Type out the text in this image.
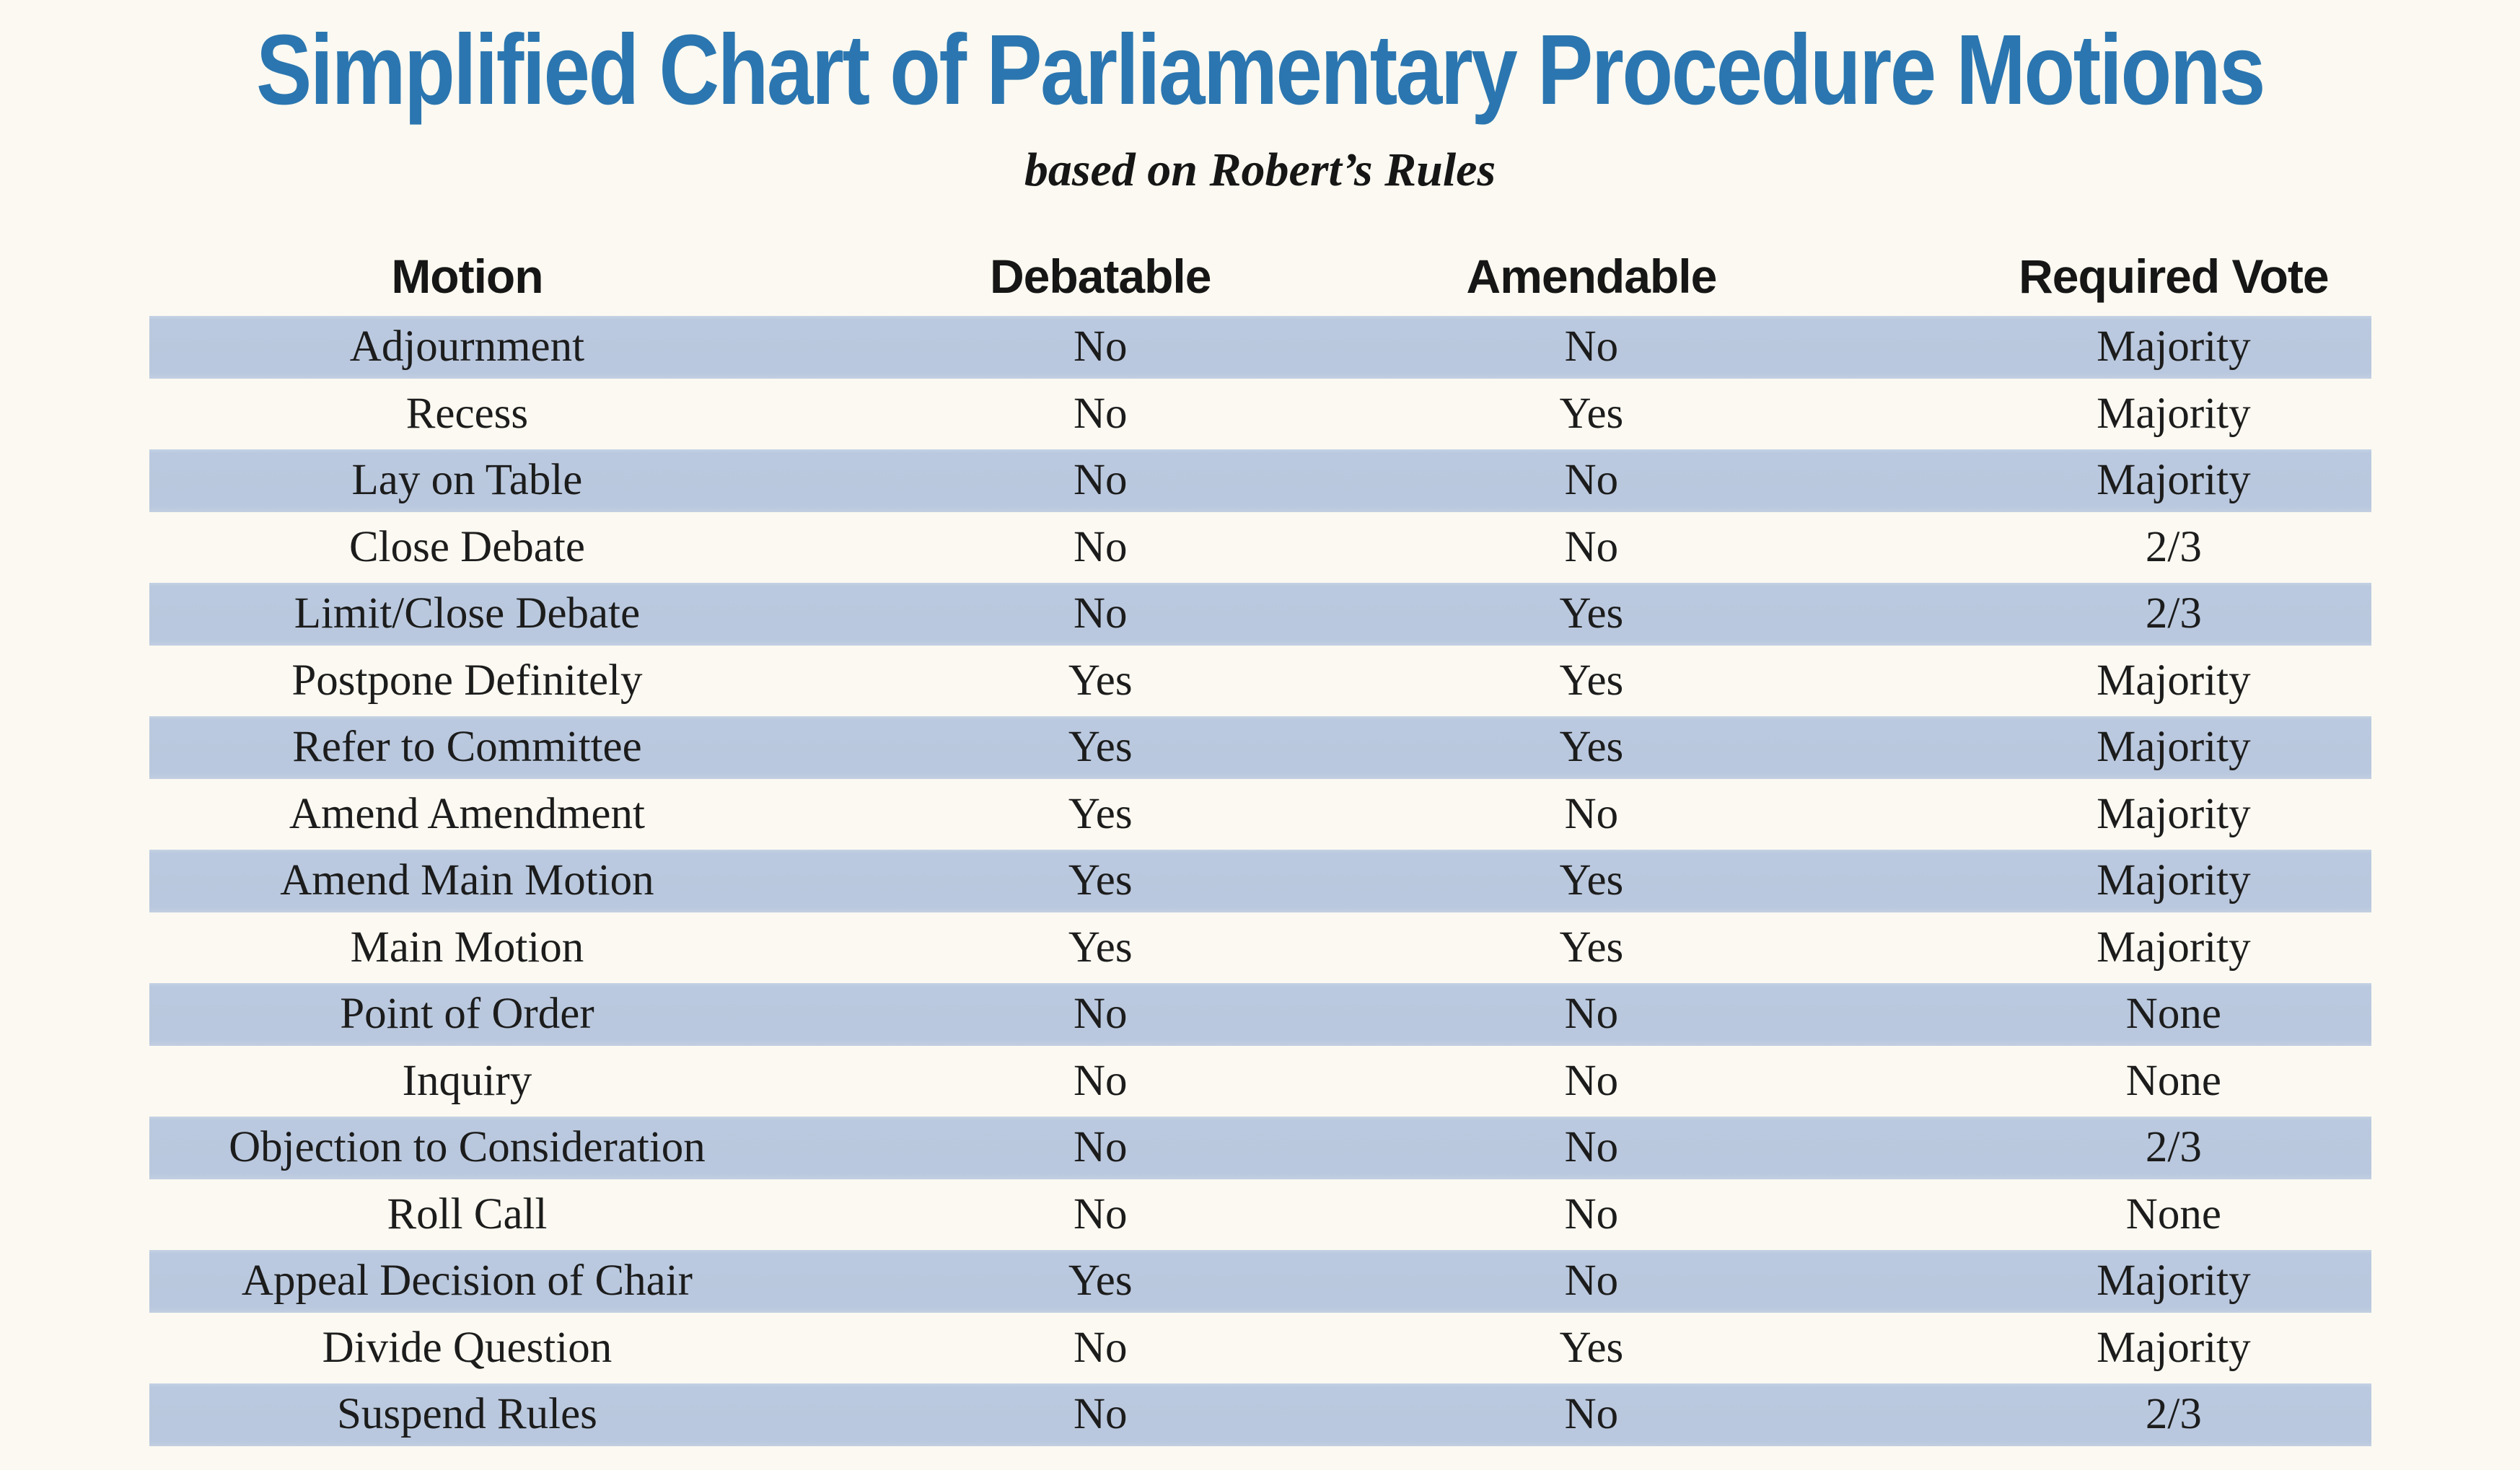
Simplified Chart of Parliamentary Procedure Motions
based on Robert’s Rules
Motion	Debatable	Amendable	Required Vote
Adjournment	No	No	Majority
Recess	No	Yes	Majority
Lay on Table	No	No	Majority
Close Debate	No	No	2/3
Limit/Close Debate	No	Yes	2/3
Postpone Definitely	Yes	Yes	Majority
Refer to Committee	Yes	Yes	Majority
Amend Amendment	Yes	No	Majority
Amend Main Motion	Yes	Yes	Majority
Main Motion	Yes	Yes	Majority
Point of Order	No	No	None
Inquiry	No	No	None
Objection to Consideration	No	No	2/3
Roll Call	No	No	None
Appeal Decision of Chair	Yes	No	Majority
Divide Question	No	Yes	Majority
Suspend Rules	No	No	2/3
